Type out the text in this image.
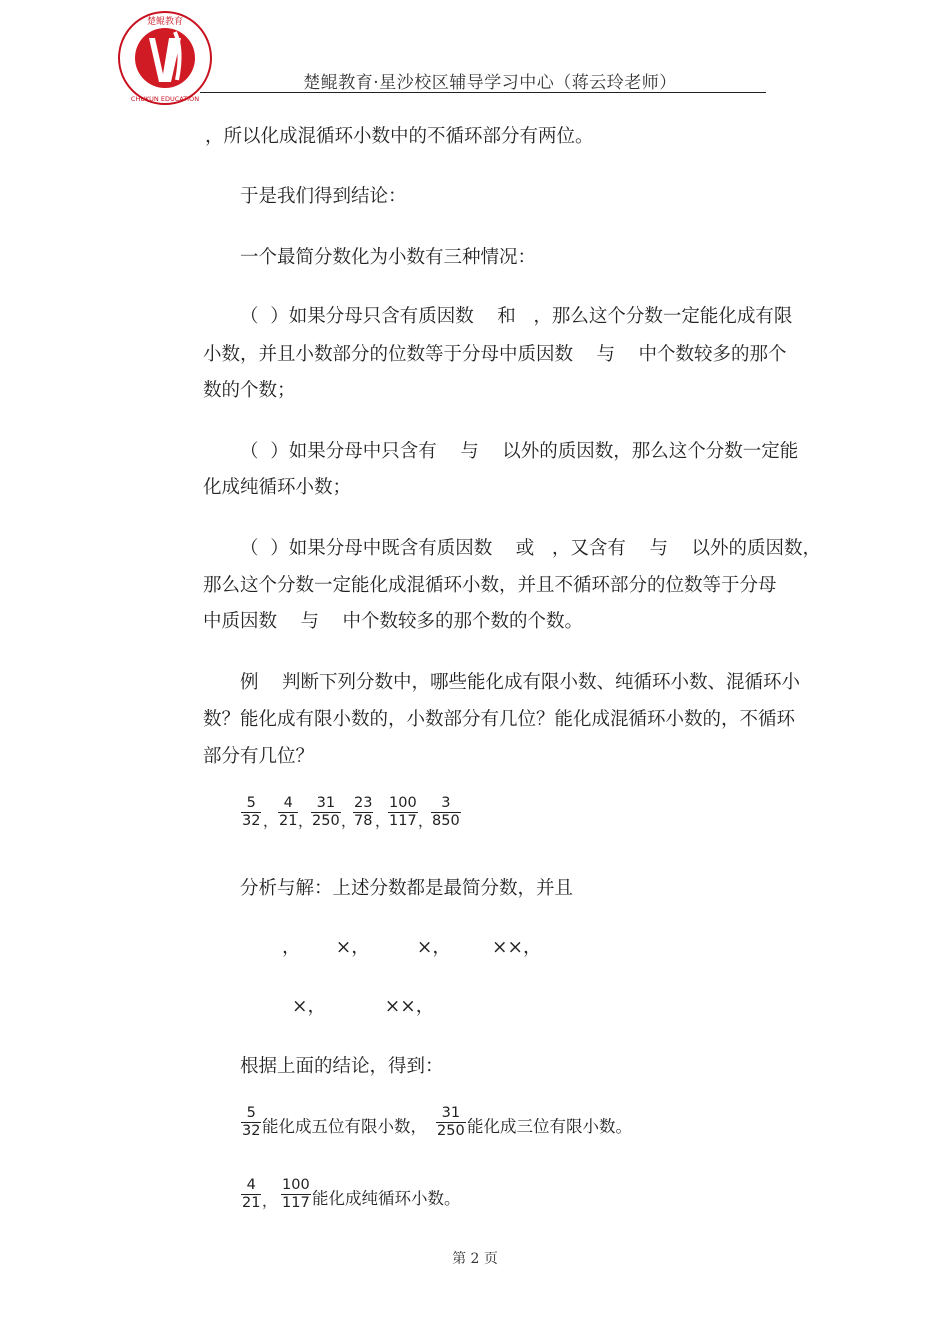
楚鲲教育
CHUKUN EDUCATION
楚鲲教育·星沙校区辅导学习中心（蒋云玲老师）
，所以化成混循环小数中的不循环部分有两位。
于是我们得到结论：
一个最简分数化为小数有三种情况：
（  ）如果分母只含有质因数    和   ，那么这个分数一定能化成有限
小数，并且小数部分的位数等于分母中质因数    与    中个数较多的那个
数的个数；
（  ）如果分母中只含有    与    以外的质因数，那么这个分数一定能
化成纯循环小数；
（  ）如果分母中既含有质因数    或   ，又含有    与    以外的质因数，
那么这个分数一定能化成混循环小数，并且不循环部分的位数等于分母
中质因数    与    中个数较多的那个数的个数。
例    判断下列分数中，哪些能化成有限小数、纯循环小数、混循环小
数？能化成有限小数的，小数部分有几位？能化成混循环小数的，不循环
部分有几位？
5
32 ，
4
21 ，
31
250 ，
23
78 ，
100
117 ，
3
850
分析与解：上述分数都是最简分数，并且
，      ×，        ×，       ××，
×，          ××，
根据上面的结论，得到：
5
32 能化成五位有限小数，
31
250 能化成三位有限小数。
4
21 ，
100
117 能化成纯循环小数。
第 2 页
